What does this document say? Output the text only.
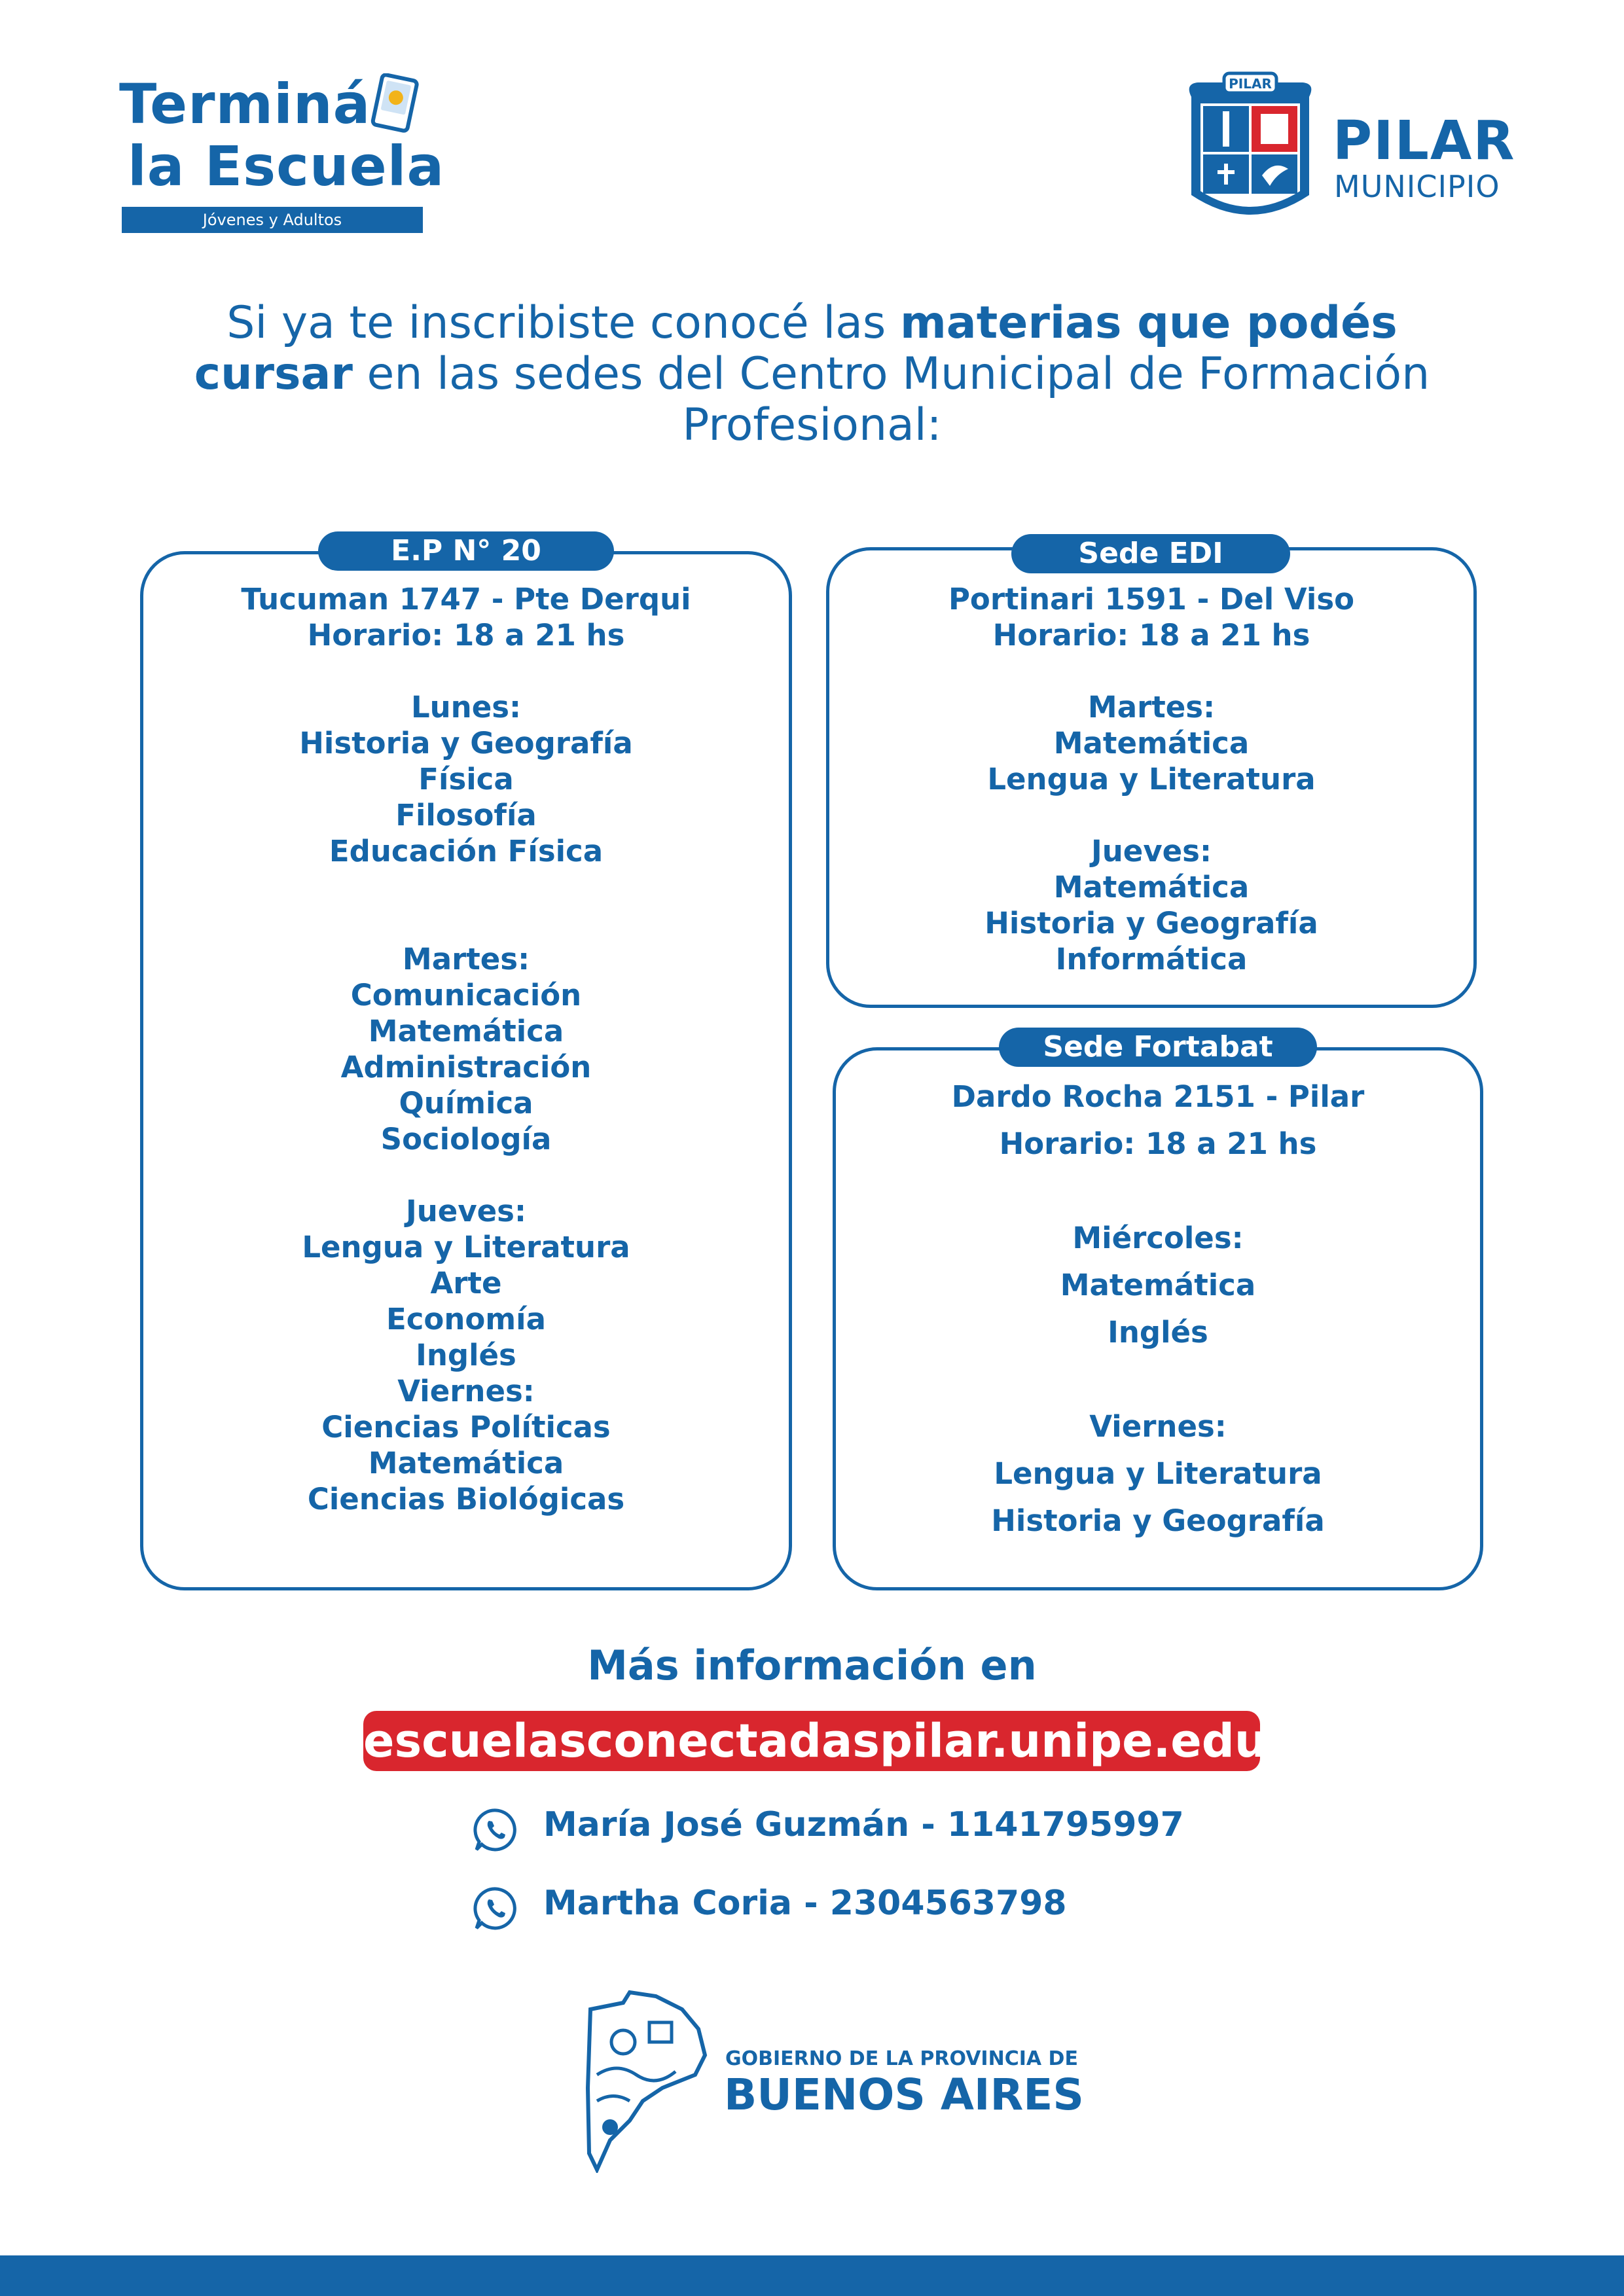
Terminá
la Escuela
Jóvenes y Adultos
PILAR
PILAR
MUNICIPIO
Si ya te inscribiste conocé las materias que podés cursar en las sedes del Centro Municipal de Formación Profesional:
E.P N° 20
Tucuman 1747 - Pte Derqui
Horario: 18 a 21 hs
Lunes:
Historia y Geografía
Física
Filosofía
Educación Física
Martes:
Comunicación
Matemática
Administración
Química
Sociología
Jueves:
Lengua y Literatura
Arte
Economía
Inglés
Viernes:
Ciencias Políticas
Matemática
Ciencias Biológicas
Sede EDI
Portinari 1591 - Del Viso
Horario: 18 a 21 hs
Martes:
Matemática
Lengua y Literatura
Jueves:
Matemática
Historia y Geografía
Informática
Sede Fortabat
Dardo Rocha 2151 - Pilar
Horario: 18 a 21 hs
Miércoles:
Matemática
Inglés
Viernes:
Lengua y Literatura
Historia y Geografía
Más información en
escuelasconectadaspilar.unipe.edu.ar
María José Guzmán - 1141795997
Martha Coria - 2304563798
GOBIERNO DE LA PROVINCIA DE
BUENOS AIRES
